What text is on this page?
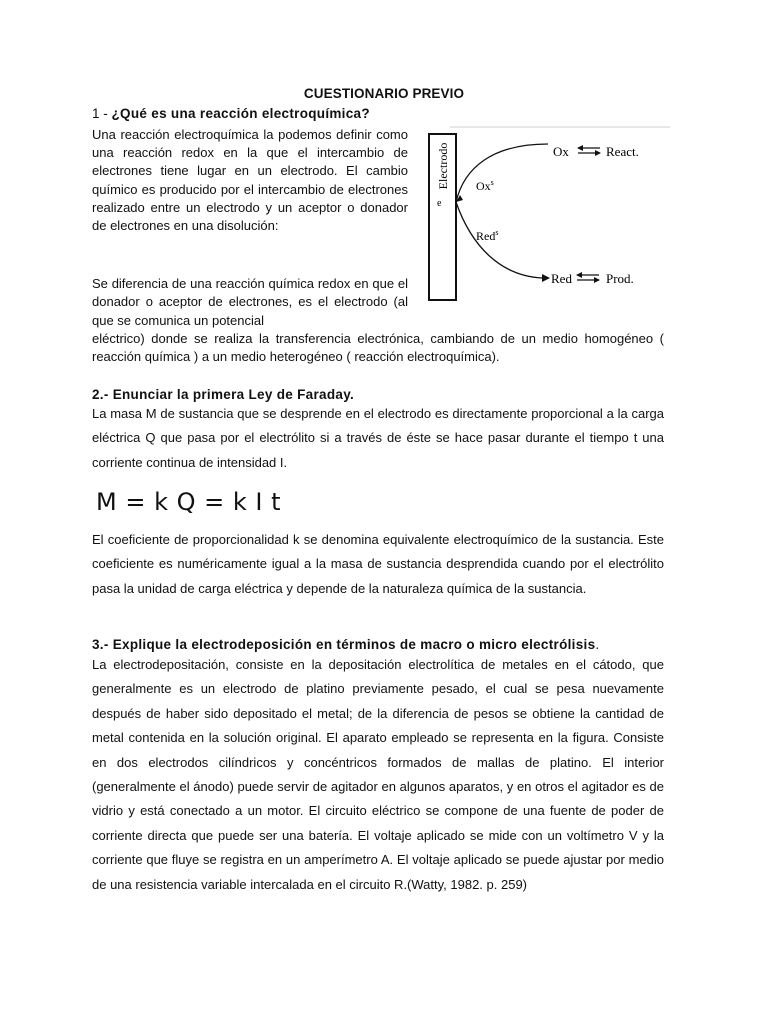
CUESTIONARIO PREVIO
1 - ¿Qué es una reacción electroquímica?
Una reacción electroquímica la podemos definir como una reacción redox en la que el intercambio de electrones tiene lugar en un electrodo. El cambio químico es producido por el intercambio de electrones realizado entre un electrodo y un aceptor o donador de electrones en una disolución:
Se diferencia de una reacción química redox en que el donador o aceptor de electrones, es el electrodo (al que se comunica un potencial
eléctrico) donde se realiza la transferencia electrónica, cambiando de un medio homogéneo ( reacción química ) a un medio heterogéneo ( reacción electroquímica).
Electrodo
e
Ox$^s$
Red$^s$
Ox	React.
Red	Prod.
2.- Enunciar la primera Ley de Faraday.
La masa M de sustancia que se desprende en el electrodo es directamente proporcional a la carga eléctrica Q que pasa por el electrólito si a través de éste se hace pasar durante el tiempo t una corriente continua de intensidad I.
M = k Q = k I t
El coeficiente de proporcionalidad k se denomina equivalente electroquímico de la sustancia. Este coeficiente es numéricamente igual a la masa de sustancia desprendida cuando por el electrólito pasa la unidad de carga eléctrica y depende de la naturaleza química de la sustancia.
3.- Explique la electrodeposición en términos de macro o micro electrólisis.
La electrodepositación, consiste en la depositación electrolítica de metales en el cátodo, que generalmente es un electrodo de platino previamente pesado, el cual se pesa nuevamente después de haber sido depositado el metal; de la diferencia de pesos se obtiene la cantidad de metal contenida en la solución original. El aparato empleado se representa en la figura. Consiste en dos electrodos cilíndricos y concéntricos formados de mallas de platino. El interior (generalmente el ánodo) puede servir de agitador en algunos aparatos, y en otros el agitador es de vidrio y está conectado a un motor. El circuito eléctrico se compone de una fuente de poder de corriente directa que puede ser una batería. El voltaje aplicado se mide con un voltímetro V y la corriente que fluye se registra en un amperímetro A. El voltaje aplicado se puede ajustar por medio de una resistencia variable intercalada en el circuito R.(Watty, 1982. p. 259)
